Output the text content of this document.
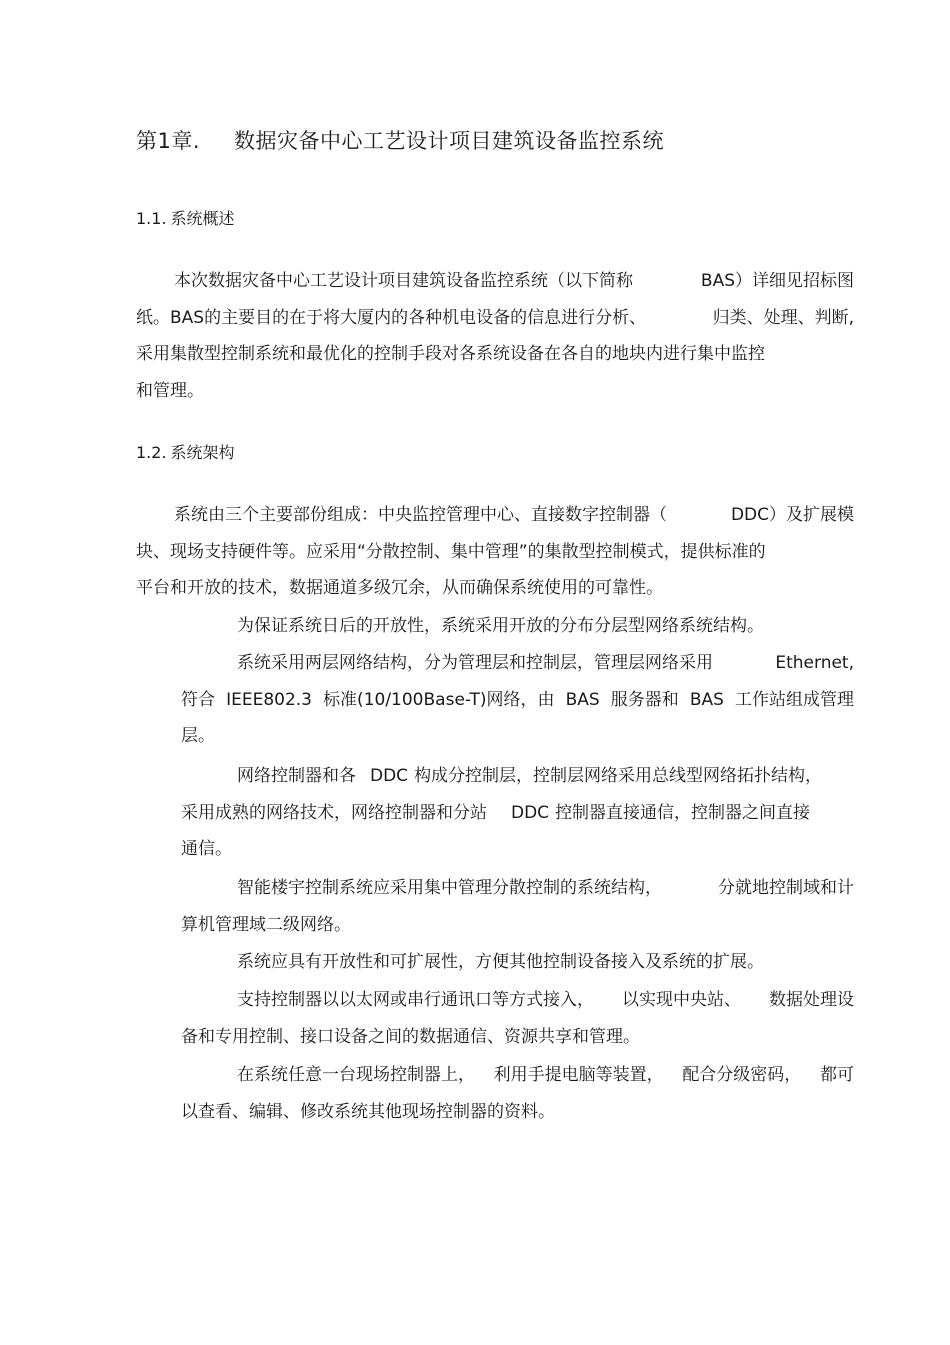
第1章. 数据灾备中心工艺设计项目建筑设备监控系统
1.1. 系统概述
本次数据灾备中心工艺设计项目建筑设备监控系统（以下简称	BAS）详细见招标图
纸。BAS的主要目的在于将大厦内的各种机电设备的信息进行分析、	归类、处理、判断,
采用集散型控制系统和最优化的控制手段对各系统设备在各自的地块内进行集中监控
和管理。
1.2. 系统架构
系统由三个主要部份组成：中央监控管理中心、直接数字控制器（	DDC）及扩展模
块、现场支持硬件等。应采用“分散控制、集中管理”的集散型控制模式，提供标准的
平台和开放的技术，数据通道多级冗余，从而确保系统使用的可靠性。
为保证系统日后的开放性，系统采用开放的分布分层型网络系统结构。
系统采用两层网络结构，分为管理层和控制层，管理层网络采用	Ethernet,
符合 IEEE802.3 标准(10/100Base-T)网络，由 BAS 服务器和 BAS 工作站组成管理
层。
网络控制器和各 DDC 构成分控制层，控制层网络采用总线型网络拓扑结构，
采用成熟的网络技术，网络控制器和分站 DDC 控制器直接通信，控制器之间直接
通信。
智能楼宇控制系统应采用集中管理分散控制的系统结构，	分就地控制域和计
算机管理域二级网络。
系统应具有开放性和可扩展性，方便其他控制设备接入及系统的扩展。
支持控制器以以太网或串行通讯口等方式接入， 以实现中央站、 数据处理设
备和专用控制、接口设备之间的数据通信、资源共享和管理。
在系统任意一台现场控制器上， 利用手提电脑等装置， 配合分级密码， 都可
以查看、编辑、修改系统其他现场控制器的资料。
